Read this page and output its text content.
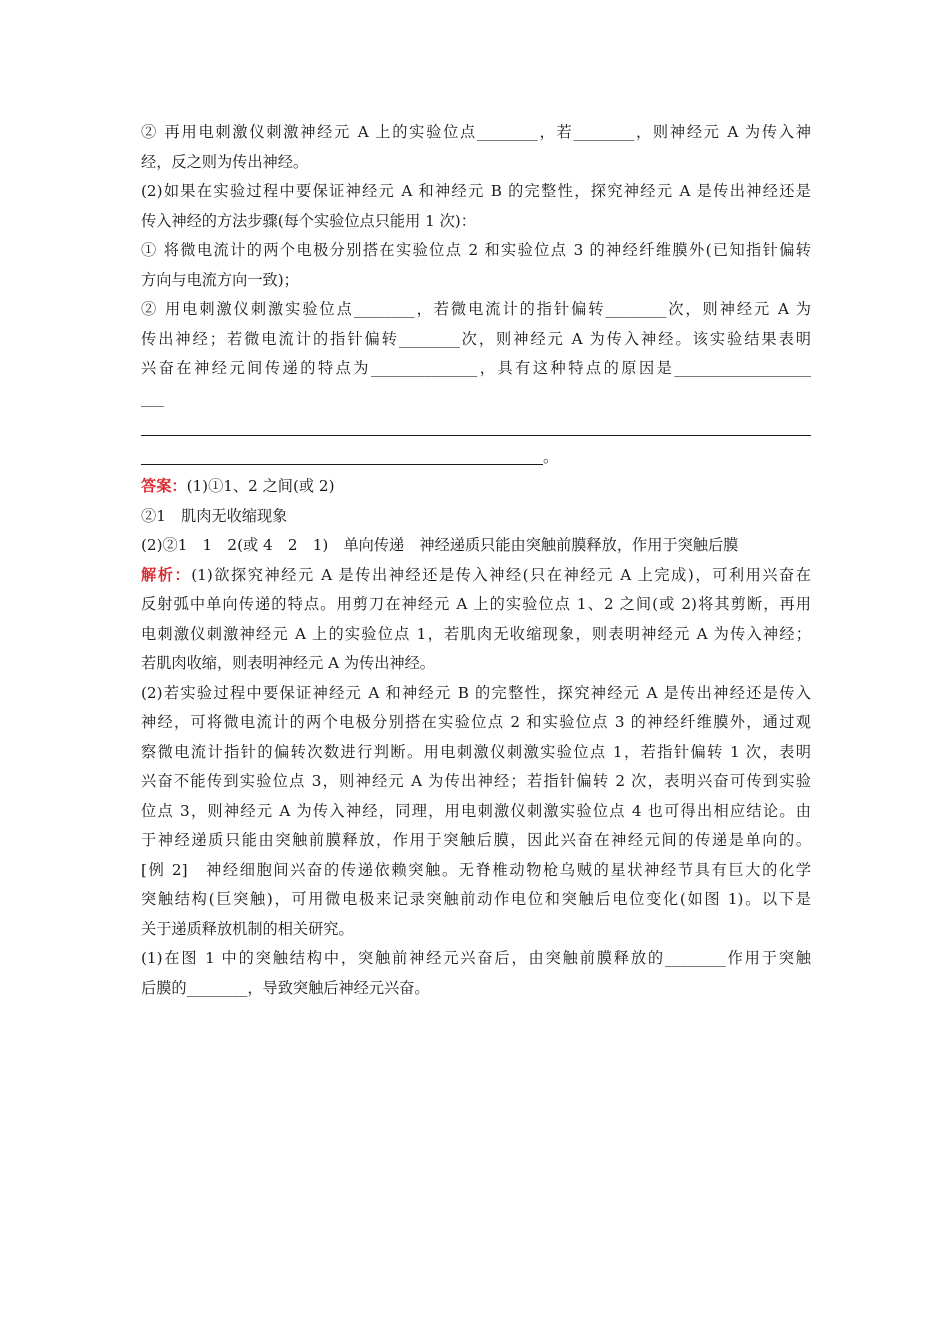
② 再用电刺激仪刺激神经元 A 上的实验位点________，若________，则神经元 A 为传入神
经，反之则为传出神经。
(2)如果在实验过程中要保证神经元 A 和神经元 B 的完整性，探究神经元 A 是传出神经还是
传入神经的方法步骤(每个实验位点只能用 1 次)：
① 将微电流计的两个电极分别搭在实验位点 2 和实验位点 3 的神经纤维膜外(已知指针偏转
方向与电流方向一致)；
② 用电刺激仪刺激实验位点________，若微电流计的指针偏转________次，则神经元 A 为
传出神经；若微电流计的指针偏转________次，则神经元 A 为传入神经。该实验结果表明
兴奋在神经元间传递的特点为______________，具有这种特点的原因是__________________
___
。
答案：(1)①1、2 之间(或 2)
②1　肌肉无收缩现象
(2)②1　1　2(或 4　2　1)　单向传递　神经递质只能由突触前膜释放，作用于突触后膜
解析：(1)欲探究神经元 A 是传出神经还是传入神经(只在神经元 A 上完成)，可利用兴奋在
反射弧中单向传递的特点。用剪刀在神经元 A 上的实验位点 1、2 之间(或 2)将其剪断，再用
电刺激仪刺激神经元 A 上的实验位点 1，若肌肉无收缩现象，则表明神经元 A 为传入神经；
若肌肉收缩，则表明神经元 A 为传出神经。
(2)若实验过程中要保证神经元 A 和神经元 B 的完整性，探究神经元 A 是传出神经还是传入
神经，可将微电流计的两个电极分别搭在实验位点 2 和实验位点 3 的神经纤维膜外，通过观
察微电流计指针的偏转次数进行判断。用电刺激仪刺激实验位点 1，若指针偏转 1 次，表明
兴奋不能传到实验位点 3，则神经元 A 为传出神经；若指针偏转 2 次，表明兴奋可传到实验
位点 3，则神经元 A 为传入神经，同理，用电刺激仪刺激实验位点 4 也可得出相应结论。由
于神经递质只能由突触前膜释放，作用于突触后膜，因此兴奋在神经元间的传递是单向的。
[例 2]　神经细胞间兴奋的传递依赖突触。无脊椎动物枪乌贼的星状神经节具有巨大的化学
突触结构(巨突触)，可用微电极来记录突触前动作电位和突触后电位变化(如图 1)。以下是
关于递质释放机制的相关研究。
(1)在图 1 中的突触结构中，突触前神经元兴奋后，由突触前膜释放的________作用于突触
后膜的________，导致突触后神经元兴奋。
